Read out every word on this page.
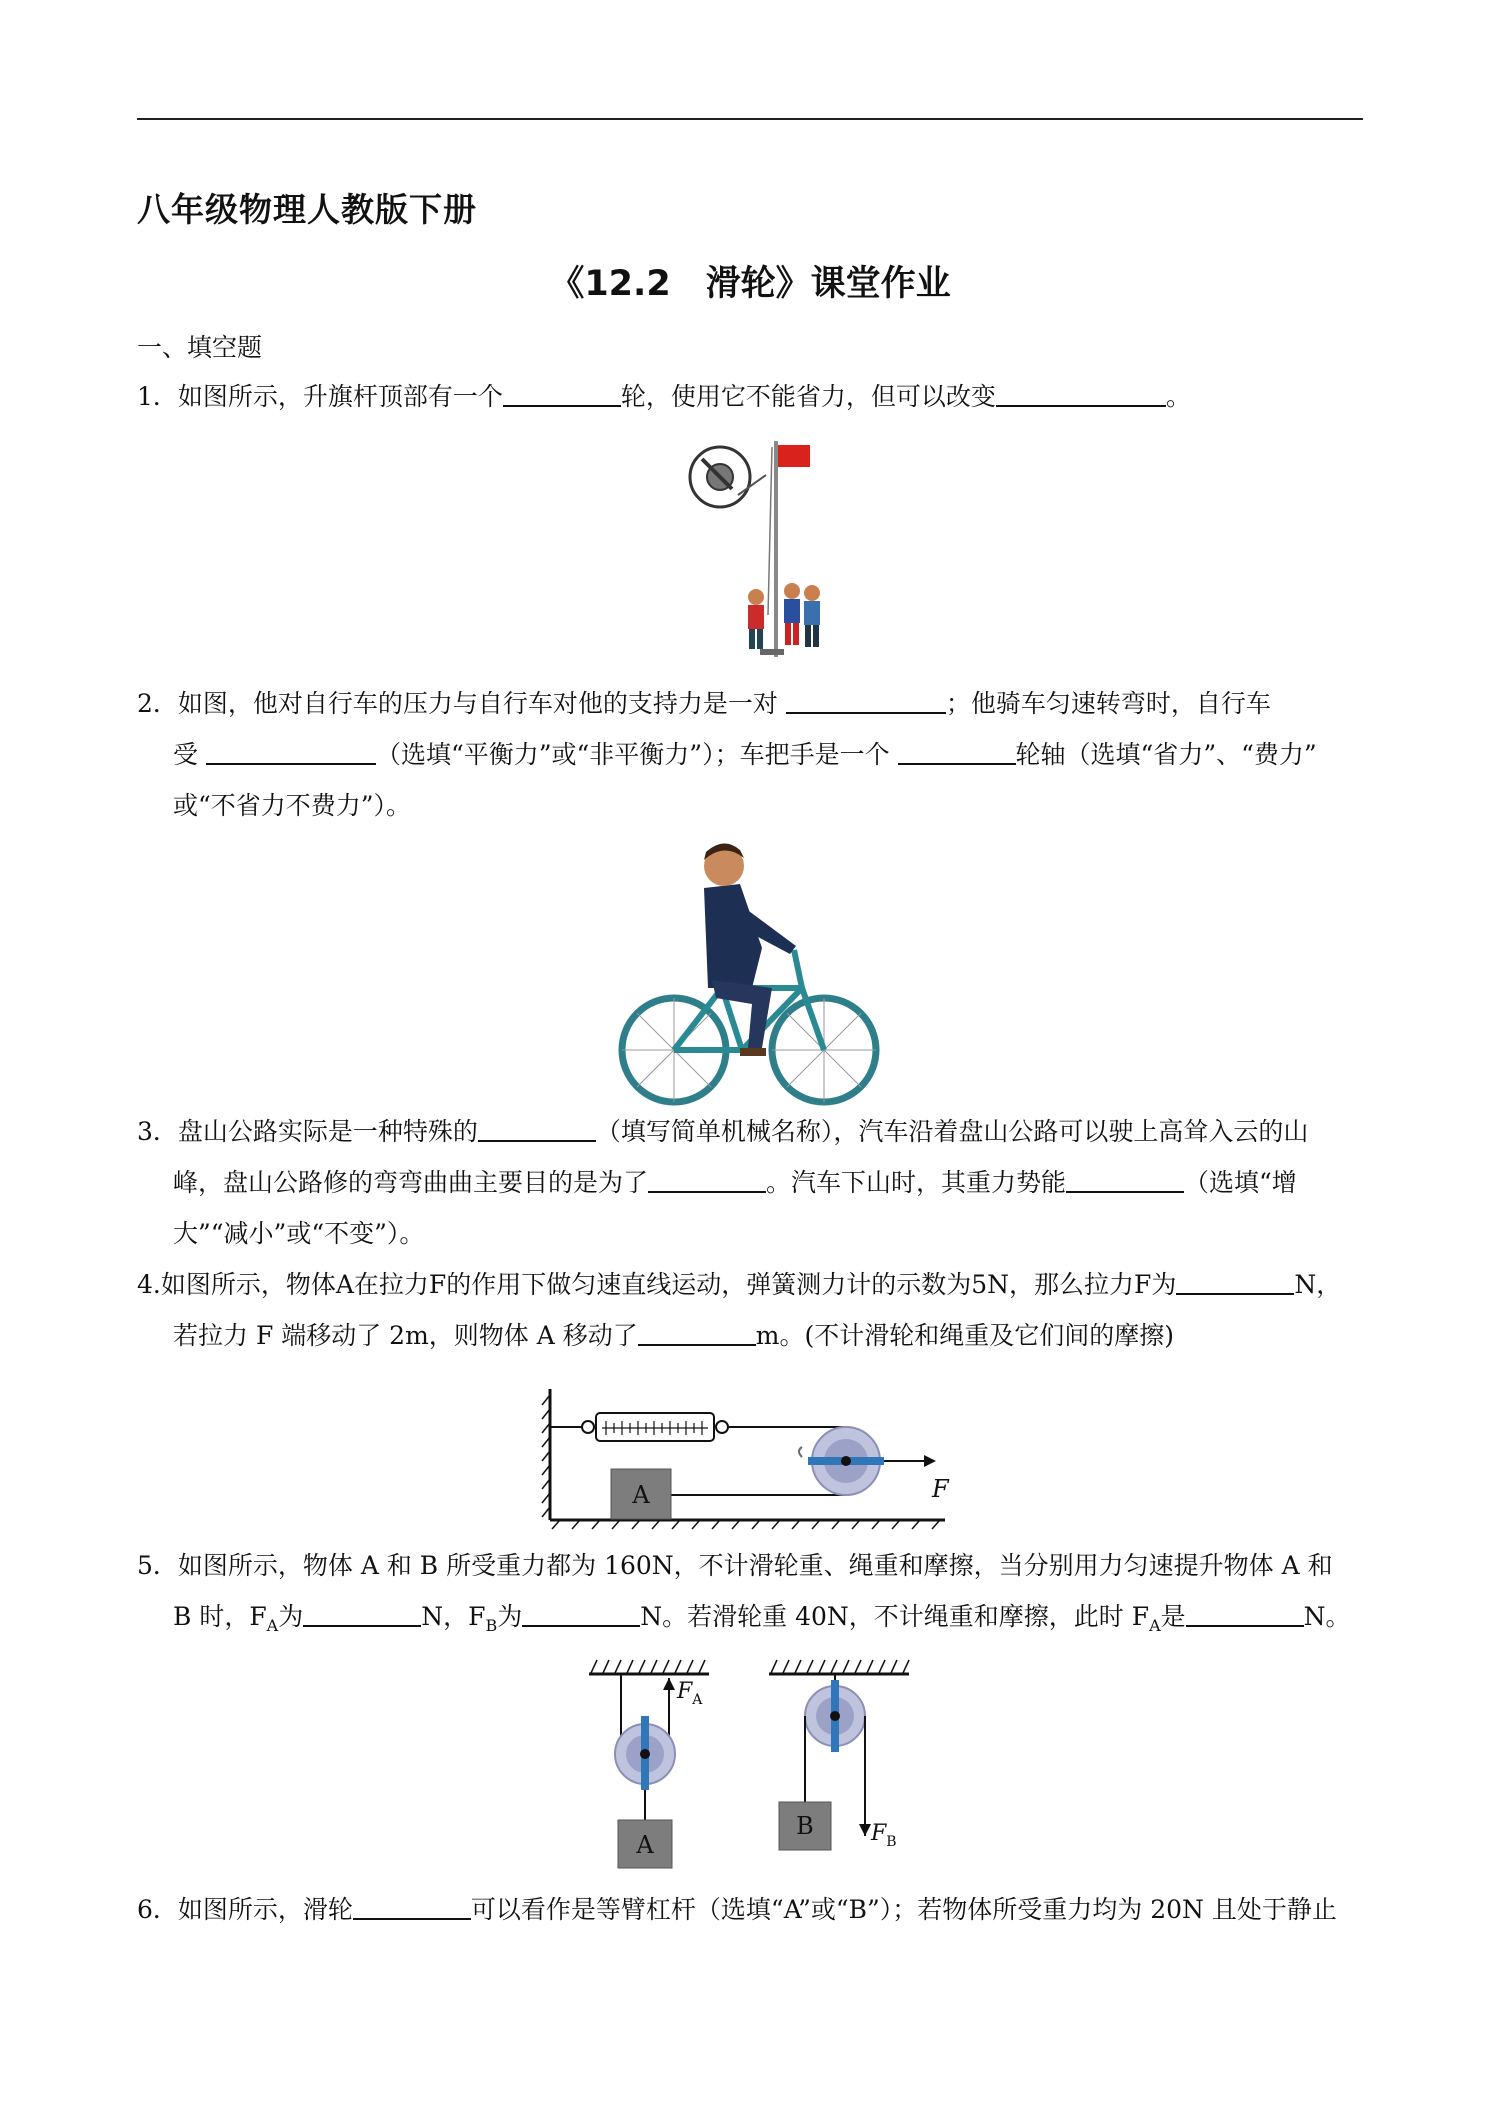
八年级物理人教版下册
《12.2　滑轮》课堂作业
一、填空题
1．如图所示，升旗杆顶部有一个	轮，使用它不能省力，但可以改变	。
2．如图，他对自行车的压力与自行车对他的支持力是一对	；他骑车匀速转弯时，自行车
受	（选填“平衡力”或“非平衡力”）；车把手是一个	轮轴（选填“省力”、“费力”
或“不省力不费力”）。
3．盘山公路实际是一种特殊的	（填写简单机械名称），汽车沿着盘山公路可以驶上高耸入云的山
峰，盘山公路修的弯弯曲曲主要目的是为了	。汽车下山时，其重力势能	（选填“增
大”“减小”或“不变”）。
4.如图所示，物体A在拉力F的作用下做匀速直线运动，弹簧测力计的示数为5N，那么拉力F为	N，
若拉力 F 端移动了 2m，则物体 A 移动了	m。(不计滑轮和绳重及它们间的摩擦)
A	F
5．如图所示，物体 A 和 B 所受重力都为 160N，不计滑轮重、绳重和摩擦，当分别用力匀速提升物体 A 和
B 时，$F_A$为	N，$F_B$为	N。若滑轮重 40N，不计绳重和摩擦，此时 $F_A$是	N。
A
$F_A$
B	$F_B$
6．如图所示，滑轮	可以看作是等臂杠杆（选填“A”或“B”）；若物体所受重力均为 20N 且处于静止
